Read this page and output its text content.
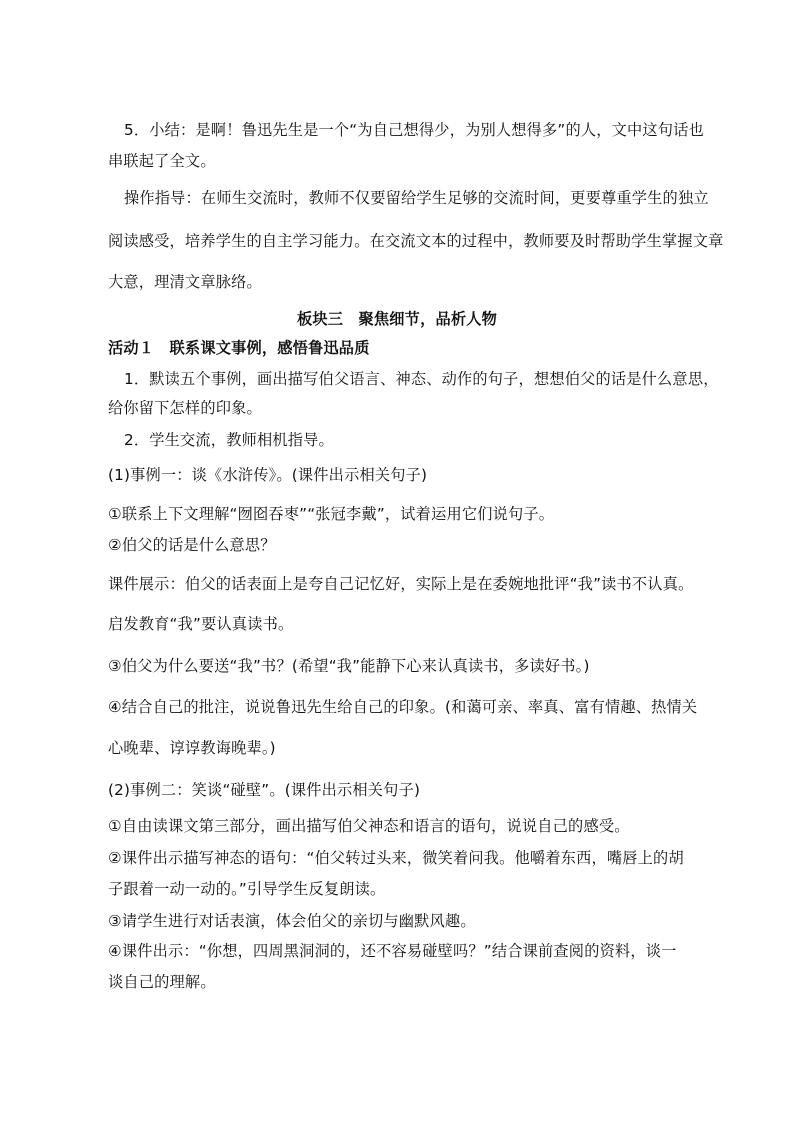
5．小结：是啊！鲁迅先生是一个“为自己想得少，为别人想得多”的人，文中这句话也

串联起了全文。

操作指导：在师生交流时，教师不仅要留给学生足够的交流时间，更要尊重学生的独立

阅读感受，培养学生的自主学习能力。在交流文本的过程中，教师要及时帮助学生掌握文章

大意，理清文章脉络。

板块三　聚焦细节，品析人物

活动１　联系课文事例，感悟鲁迅品质

1．默读五个事例，画出描写伯父语言、神态、动作的句子，想想伯父的话是什么意思，

给你留下怎样的印象。

2．学生交流，教师相机指导。

(1)事例一：谈《水浒传》。(课件出示相关句子)

①联系上下文理解“囫囵吞枣”“张冠李戴”，试着运用它们说句子。

②伯父的话是什么意思？

课件展示：伯父的话表面上是夸自己记忆好，实际上是在委婉地批评“我”读书不认真。

启发教育“我”要认真读书。

③伯父为什么要送“我”书？(希望“我”能静下心来认真读书，多读好书。)

④结合自己的批注，说说鲁迅先生给自己的印象。(和蔼可亲、率真、富有情趣、热情关

心晚辈、谆谆教诲晚辈。)

(2)事例二：笑谈“碰壁”。(课件出示相关句子)

①自由读课文第三部分，画出描写伯父神态和语言的语句，说说自己的感受。

②课件出示描写神态的语句：“伯父转过头来，微笑着问我。他嚼着东西，嘴唇上的胡

子跟着一动一动的。”引导学生反复朗读。

③请学生进行对话表演，体会伯父的亲切与幽默风趣。

④课件出示：“你想，四周黑洞洞的，还不容易碰壁吗？”结合课前查阅的资料，谈一

谈自己的理解。
